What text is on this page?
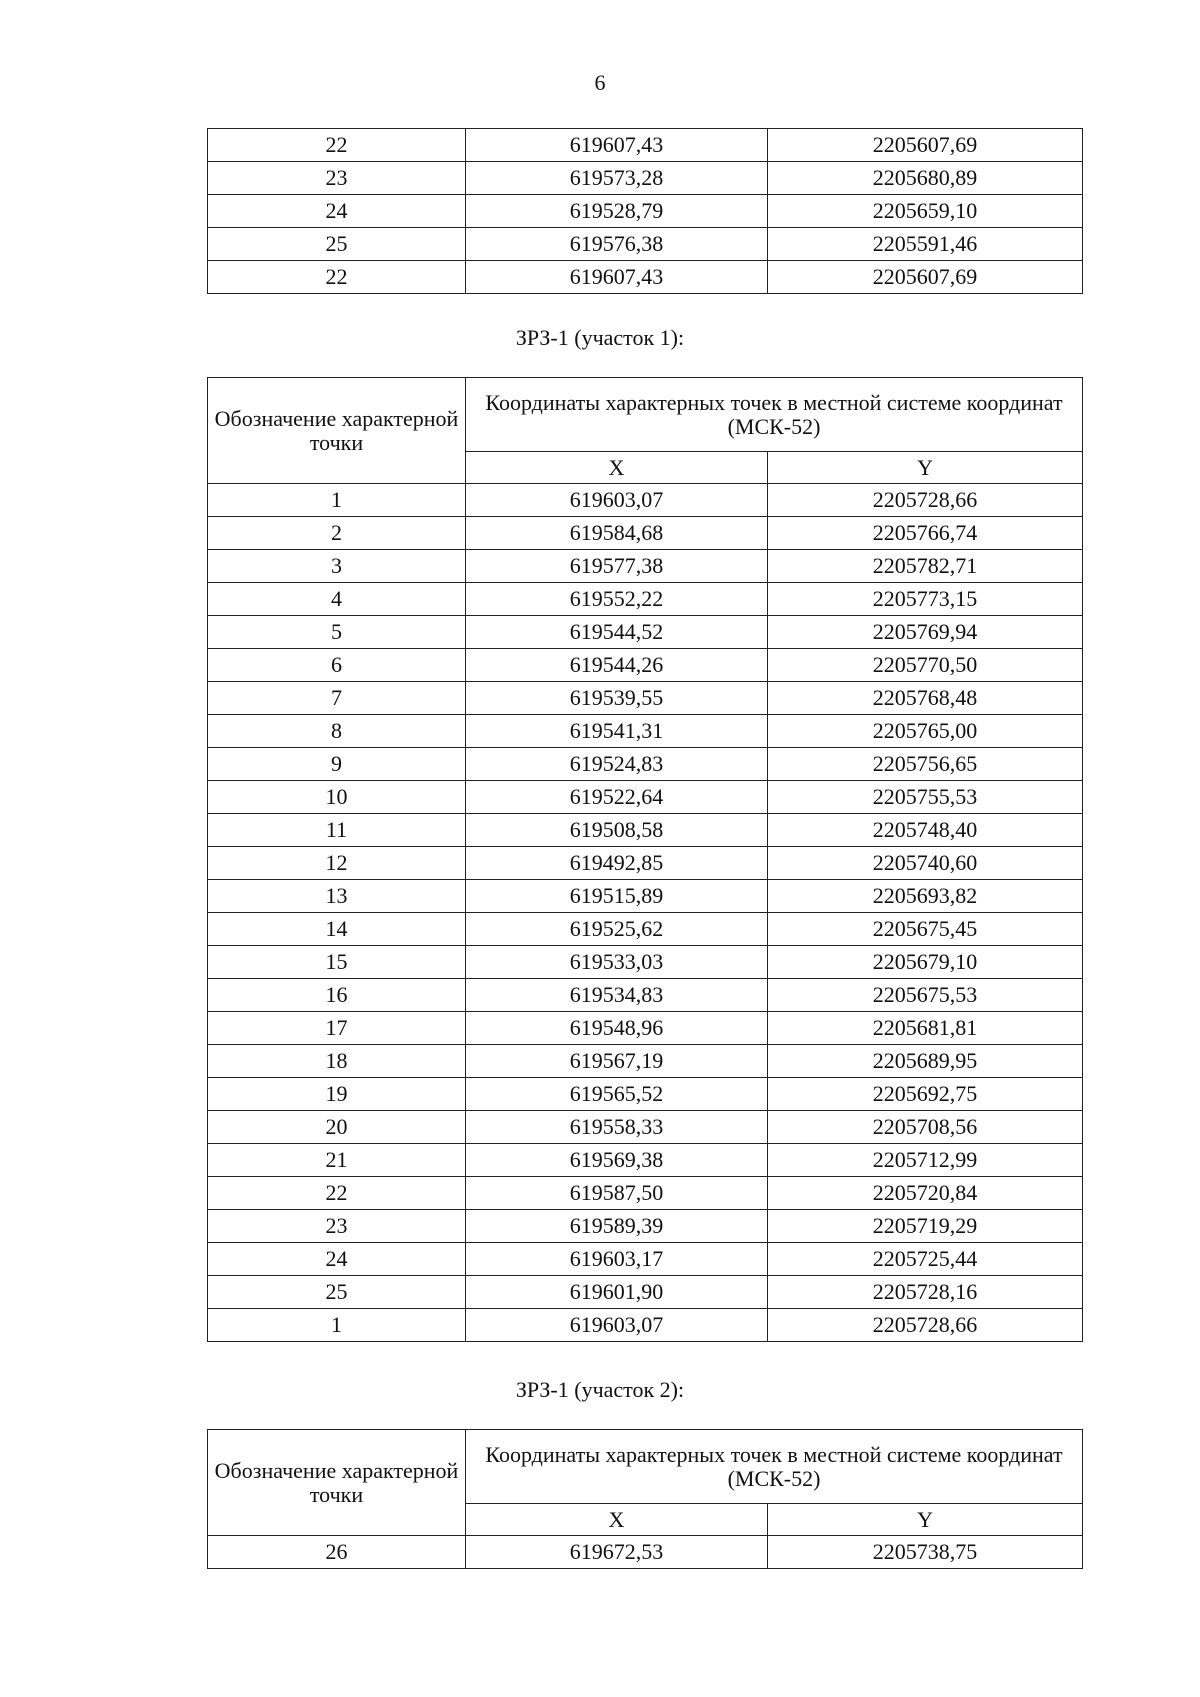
6
22	619607,43	2205607,69
23	619573,28	2205680,89
24	619528,79	2205659,10
25	619576,38	2205591,46
22	619607,43	2205607,69
ЗРЗ-1 (участок 1):
Обозначение характерной точки	Координаты характерных точек в местной системе координат (МСК-52)	
	X	Y
1	619603,07	2205728,66
2	619584,68	2205766,74
3	619577,38	2205782,71
4	619552,22	2205773,15
5	619544,52	2205769,94
6	619544,26	2205770,50
7	619539,55	2205768,48
8	619541,31	2205765,00
9	619524,83	2205756,65
10	619522,64	2205755,53
11	619508,58	2205748,40
12	619492,85	2205740,60
13	619515,89	2205693,82
14	619525,62	2205675,45
15	619533,03	2205679,10
16	619534,83	2205675,53
17	619548,96	2205681,81
18	619567,19	2205689,95
19	619565,52	2205692,75
20	619558,33	2205708,56
21	619569,38	2205712,99
22	619587,50	2205720,84
23	619589,39	2205719,29
24	619603,17	2205725,44
25	619601,90	2205728,16
1	619603,07	2205728,66
ЗРЗ-1 (участок 2):
Обозначение характерной точки	Координаты характерных точек в местной системе координат (МСК-52)	
	X	Y
26	619672,53	2205738,75
